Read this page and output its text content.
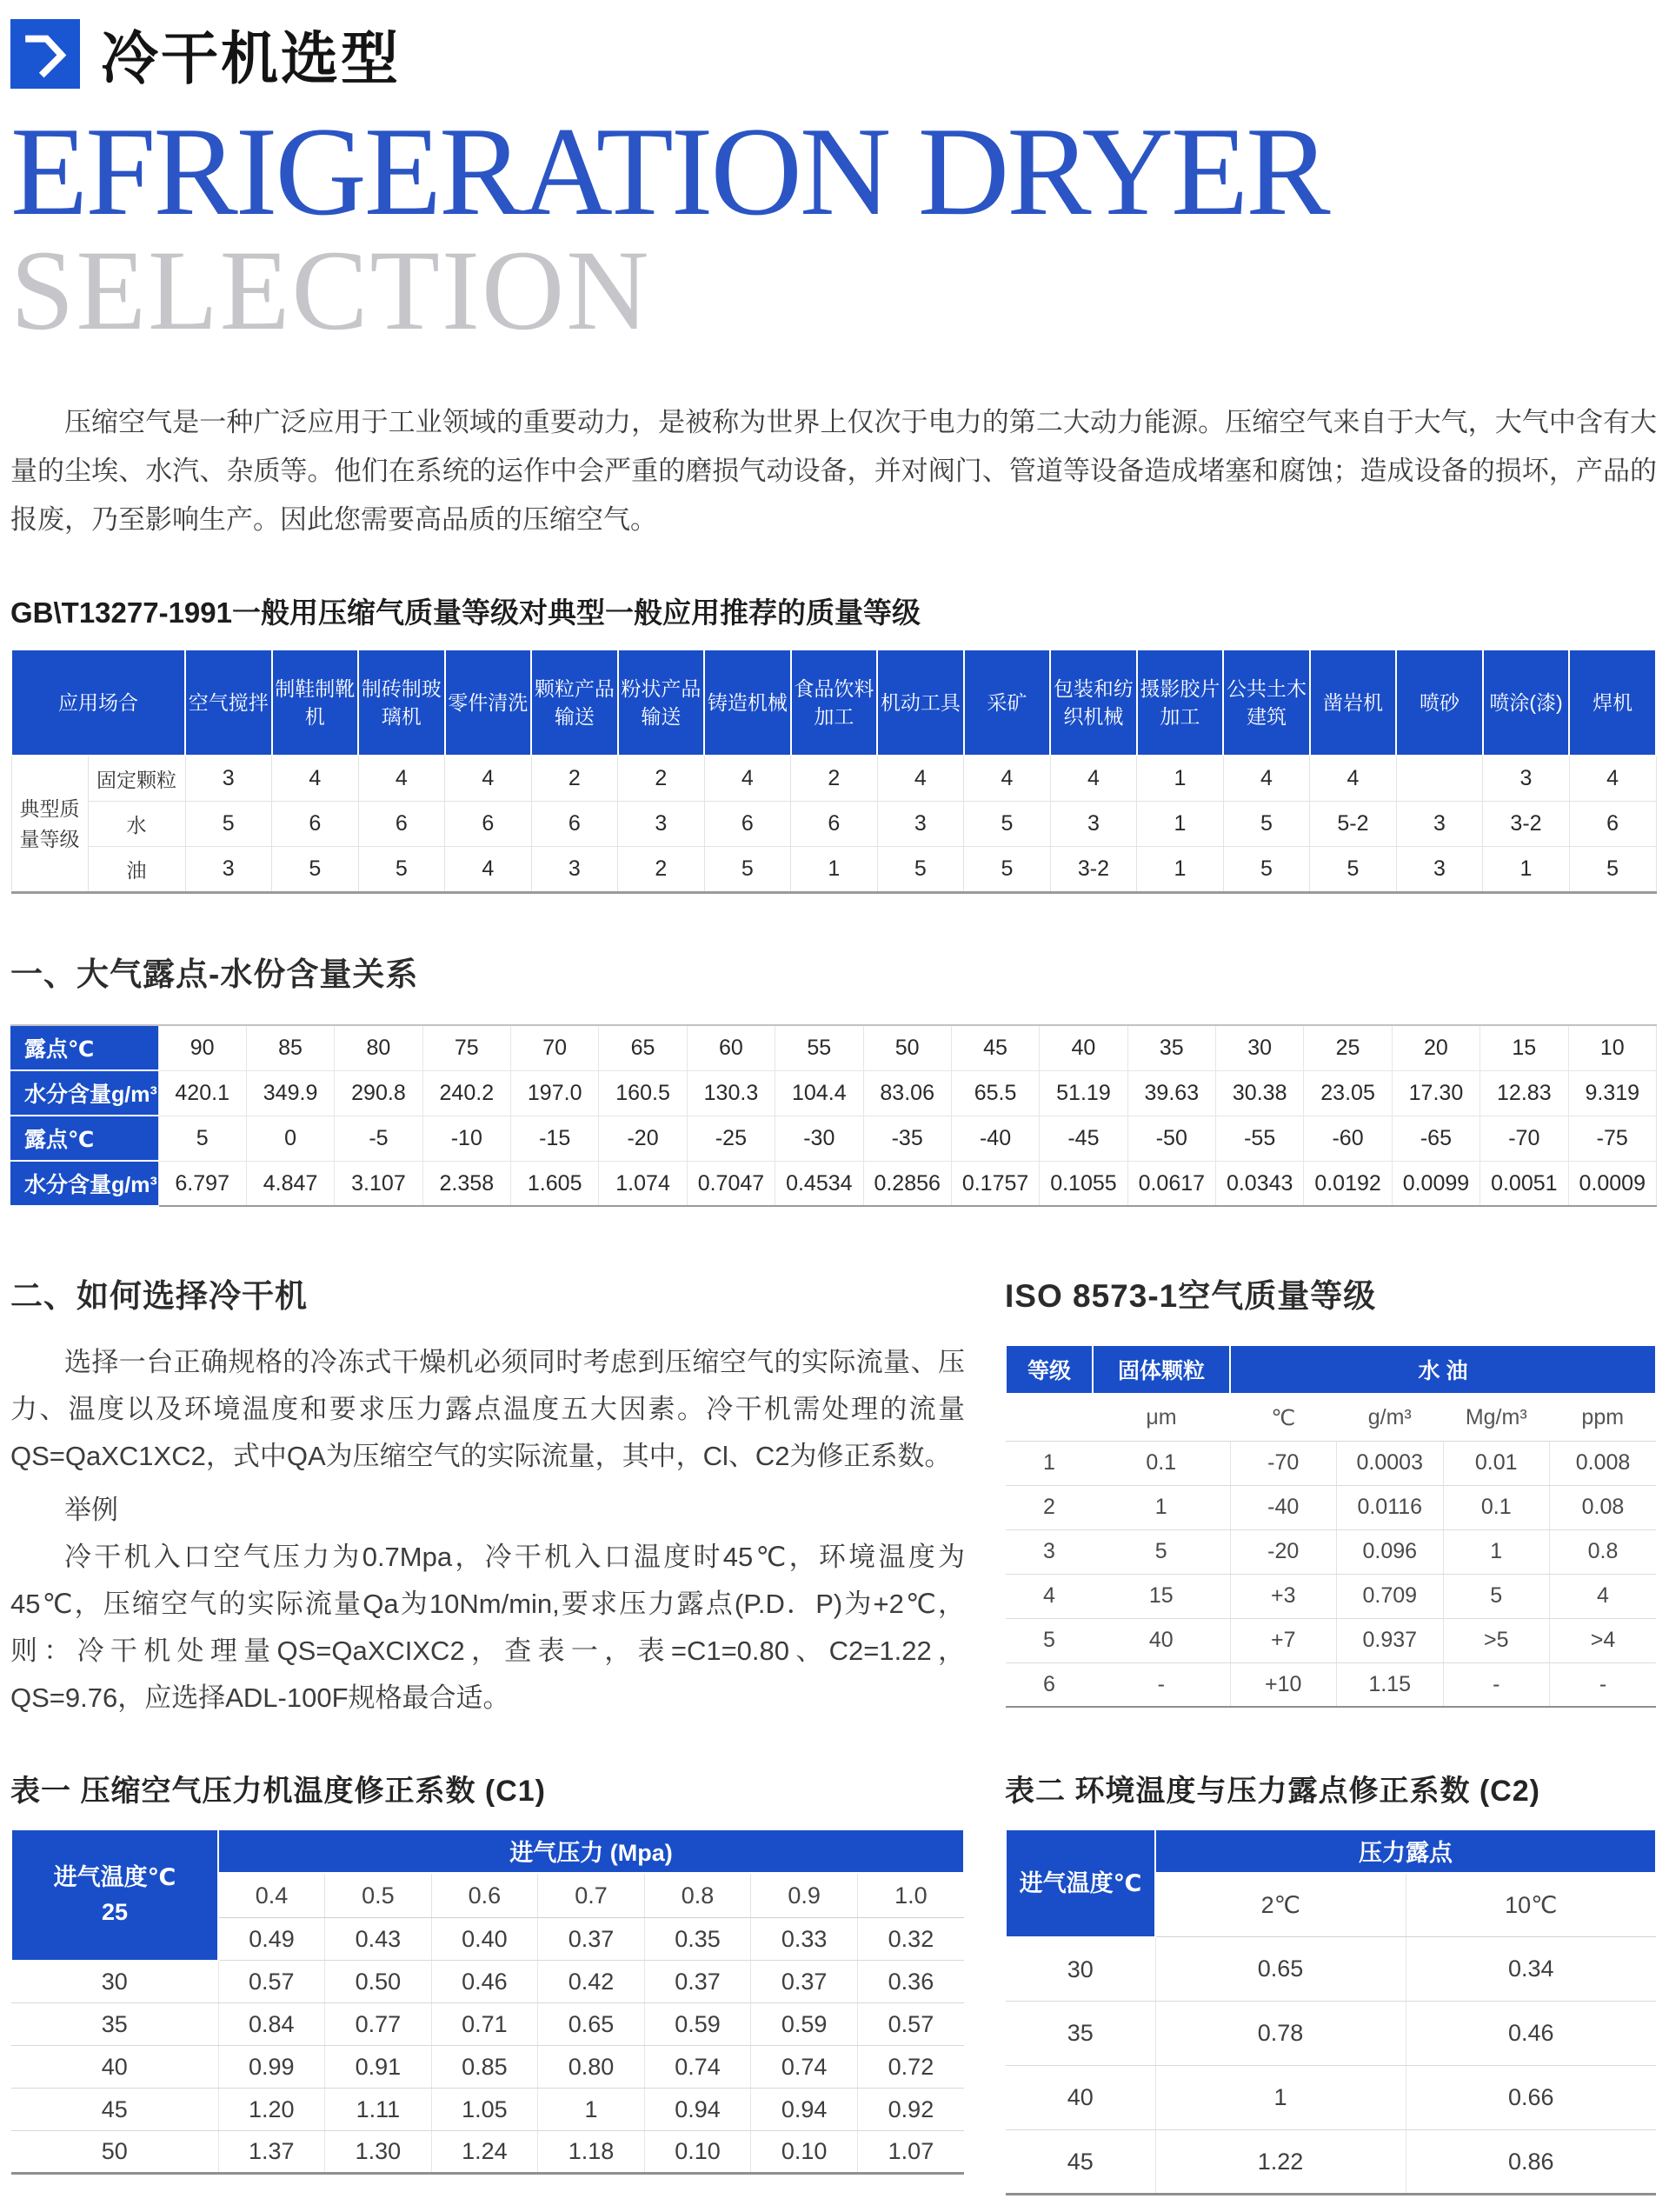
冷干机选型
EFRIGERATION DRYER
SELECTION

压缩空气是一种广泛应用于工业领域的重要动力，是被称为世界上仅次于电力的第二大动力能源。压缩空气来自于大气，大气中含有大量的尘埃、水汽、杂质等。他们在系统的运作中会严重的磨损气动设备，并对阀门、管道等设备造成堵塞和腐蚀；造成设备的损坏，产品的报废，乃至影响生产。因此您需要高品质的压缩空气。

GB\T13277-1991一般用压缩气质量等级对典型一般应用推荐的质量等级
应用场合		空气搅拌	制鞋制靴机	制砖制玻璃机	零件清洗	颗粒产品输送	粉状产品输送	铸造机械	食品饮料加工	机动工具	采矿	包装和纺织机械	摄影胶片加工	公共土木建筑	凿岩机	喷砂	喷涂(漆)	焊机
典型质量等级	固定颗粒	3	4	4	4	2	2	4	2	4	4	4	1	4	4		3	4
	水	5	6	6	6	6	3	6	6	3	5	3	1	5	5-2	3	3-2	6
	油	3	5	5	4	3	2	5	1	5	5	3-2	1	5	5	3	1	5
一、大气露点-水份含量关系
露点℃	90	85	80	75	70	65	60	55	50	45	40	35	30	25	20	15	10
水分含量g/m³	420.1	349.9	290.8	240.2	197.0	160.5	130.3	104.4	83.06	65.5	51.19	39.63	30.38	23.05	17.30	12.83	9.319
露点℃	5	0	-5	-10	-15	-20	-25	-30	-35	-40	-45	-50	-55	-60	-65	-70	-75
水分含量g/m³	6.797	4.847	3.107	2.358	1.605	1.074	0.7047	0.4534	0.2856	0.1757	0.1055	0.0617	0.0343	0.0192	0.0099	0.0051	0.0009
二、如何选择冷干机

选择一台正确规格的冷冻式干燥机必须同时考虑到压缩空气的实际流量、压力、温度以及环境温度和要求压力露点温度五大因素。冷干机需处理的流量QS=QaXC1XC2，式中QA为压缩空气的实际流量，其中，Cl、C2为修正系数。

举例

冷干机入口空气压力为0.7Mpa，冷干机入口温度时45℃，环境温度为45℃，压缩空气的实际流量Qa为10Nm/min,要求压力露点(P.D．P)为+2℃，则：冷干机处理量QS=QaXCIXC2，查表一，表=C1=0.80、C2=1.22，QS=9.76，应选择ADL-100F规格最合适。

ISO 8573-1空气质量等级
等级	固体颗粒	水 油			
	μm	℃	g/m³	Mg/m³	ppm
1	0.1	-70	0.0003	0.01	0.008
2	1	-40	0.0116	0.1	0.08
3	5	-20	0.096	1	0.8
4	15	+3	0.709	5	4
5	40	+7	0.937	>5	>4
6	-	+10	1.15	-	-
表一 压缩空气压力机温度修正系数 (C1)
进气温度℃
25	进气压力 (Mpa)						
	0.4	0.5	0.6	0.7	0.8	0.9	1.0
	0.49	0.43	0.40	0.37	0.35	0.33	0.32
30	0.57	0.50	0.46	0.42	0.37	0.37	0.36
35	0.84	0.77	0.71	0.65	0.59	0.59	0.57
40	0.99	0.91	0.85	0.80	0.74	0.74	0.72
45	1.20	1.11	1.05	1	0.94	0.94	0.92
50	1.37	1.30	1.24	1.18	0.10	0.10	1.07
表二 环境温度与压力露点修正系数 (C2)
进气温度℃	压力露点	
	2℃	10℃
30	0.65	0.34
35	0.78	0.46
40	1	0.66
45	1.22	0.86
